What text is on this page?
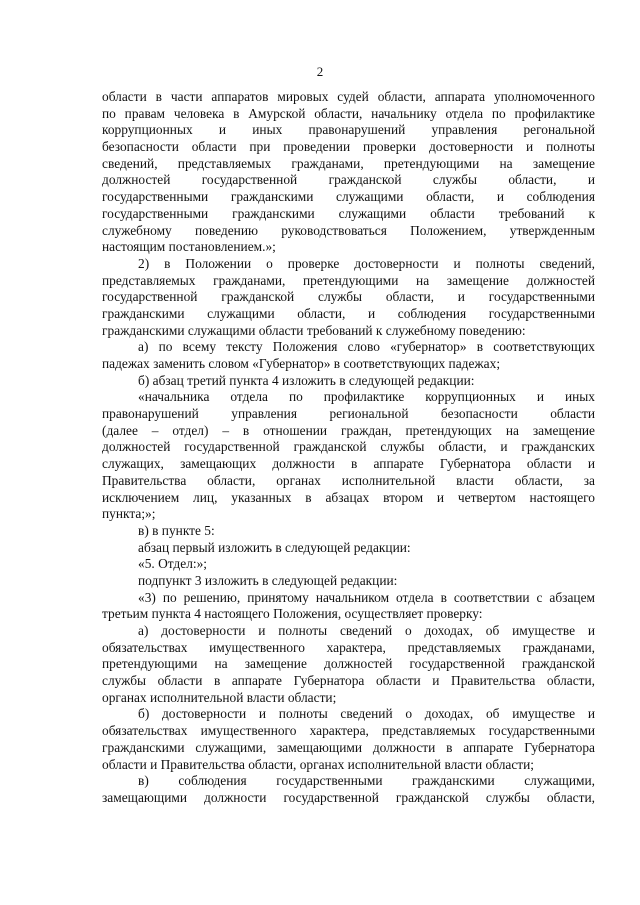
2
области в части аппаратов мировых судей области, аппарата уполномоченного
по правам человека в Амурской области, начальнику отдела по профилактике
коррупционных и иных правонарушений управления регональной
безопасности области при проведении проверки достоверности и полноты
сведений, представляемых гражданами, претендующими на замещение
должностей государственной гражданской службы области, и
государственными гражданскими служащими области, и соблюдения
государственными гражданскими служащими области требований к
служебному поведению руководствоваться Положением, утвержденным
настоящим постановлением.»;
2) в Положении о проверке достоверности и полноты сведений,
представляемых гражданами, претендующими на замещение должностей
государственной гражданской службы области, и государственными
гражданскими служащими области, и соблюдения государственными
гражданскими служащими области требований к служебному поведению:
а) по всему тексту Положения слово «губернатор» в соответствующих
падежах заменить словом «Губернатор» в соответствующих падежах;
б) абзац третий пункта 4 изложить в следующей редакции:
«начальника отдела по профилактике коррупционных и иных
правонарушений управления региональной безопасности области
(далее – отдел) – в отношении граждан, претендующих на замещение
должностей государственной гражданской службы области, и гражданских
служащих, замещающих должности в аппарате Губернатора области и
Правительства области, органах исполнительной власти области, за
исключением лиц, указанных в абзацах втором и четвертом настоящего
пункта;»;
в) в пункте 5:
абзац первый изложить в следующей редакции:
«5. Отдел:»;
подпункт 3 изложить в следующей редакции:
«3) по решению, принятому начальником отдела в соответствии с абзацем
третьим пункта 4 настоящего Положения, осуществляет проверку:
а) достоверности и полноты сведений о доходах, об имуществе и
обязательствах имущественного характера, представляемых гражданами,
претендующими на замещение должностей государственной гражданской
службы области в аппарате Губернатора области и Правительства области,
органах исполнительной власти области;
б) достоверности и полноты сведений о доходах, об имуществе и
обязательствах имущественного характера, представляемых государственными
гражданскими служащими, замещающими должности в аппарате Губернатора
области и Правительства области, органах исполнительной власти области;
в) соблюдения государственными гражданскими служащими,
замещающими должности государственной гражданской службы области,
